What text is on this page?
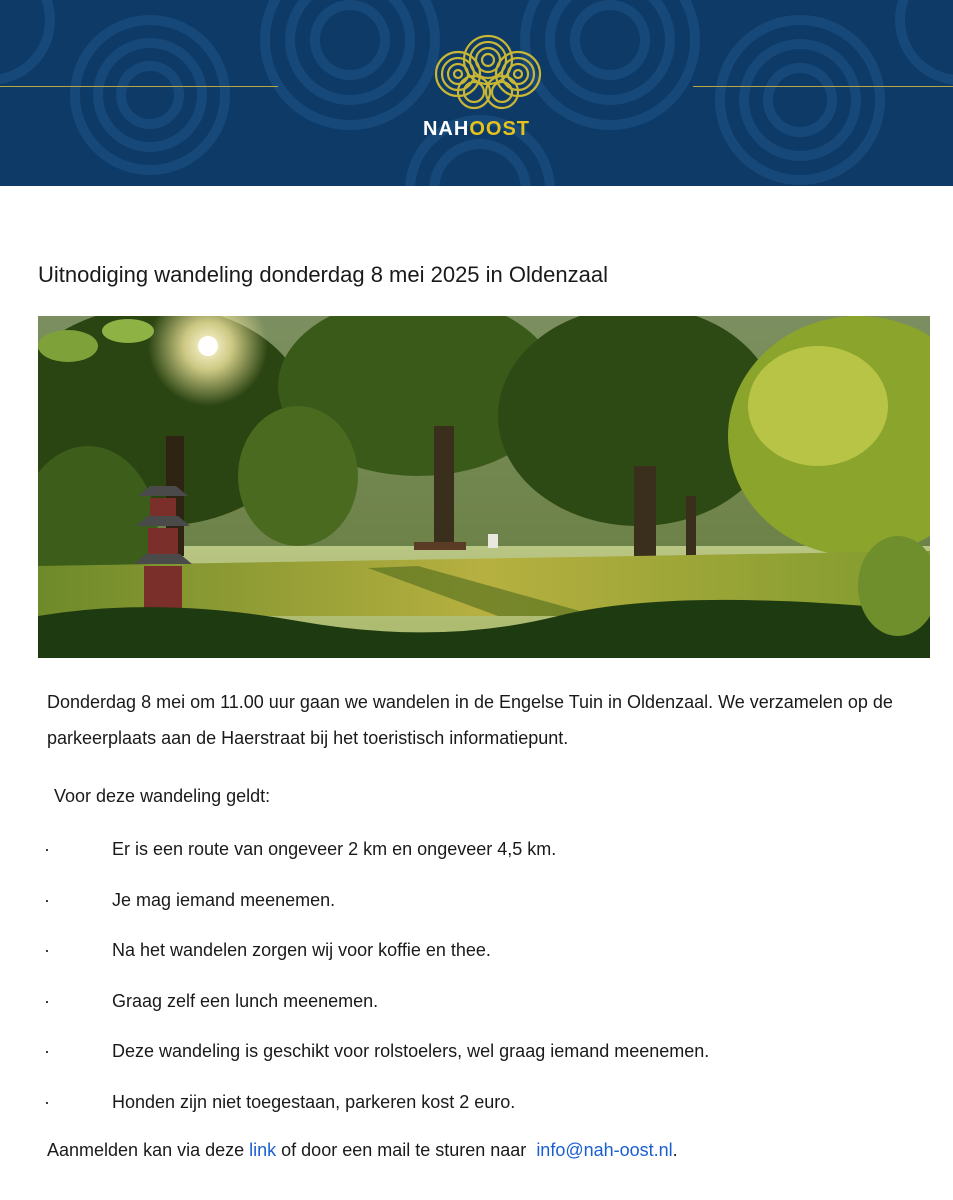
NAHOOST
Uitnodiging wandeling donderdag 8 mei 2025 in Oldenzaal

Donderdag 8 mei om 11.00 uur gaan we wandelen in de Engelse Tuin in Oldenzaal. We verzamelen op de parkeerplaats aan de Haerstraat bij het toeristisch informatiepunt.

Voor deze wandeling geldt:

·	Er is een route van ongeveer 2 km en ongeveer 4,5 km.
·	Je mag iemand meenemen.
·	Na het wandelen zorgen wij voor koffie en thee.
·	Graag zelf een lunch meenemen.
·	Deze wandeling is geschikt voor rolstoelers, wel graag iemand meenemen.
·	Honden zijn niet toegestaan, parkeren kost 2 euro.

Aanmelden kan via deze link of door een mail te sturen naar  info@nah-oost.nl.
